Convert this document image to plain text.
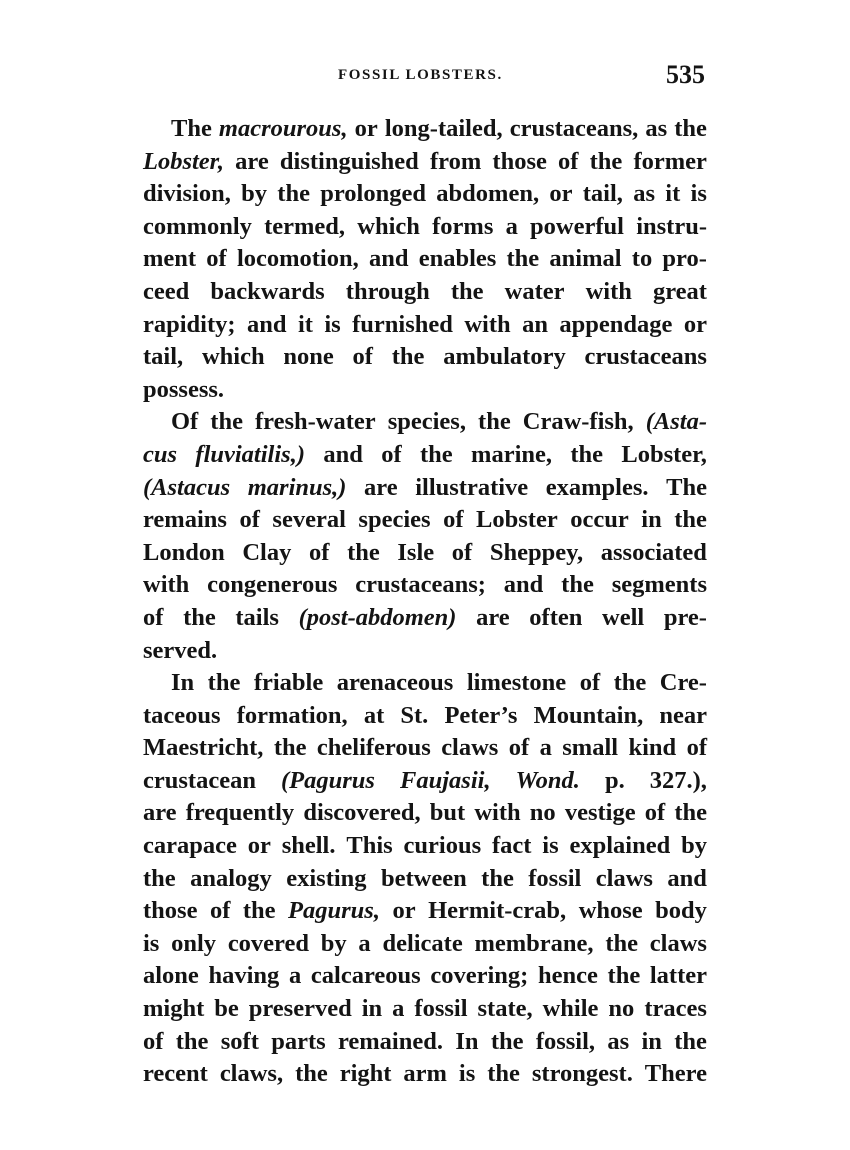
FOSSIL LOBSTERS.	535
The macrourous, or long-tailed, crustaceans, as the
Lobster, are distinguished from those of the former
division, by the prolonged abdomen, or tail, as it is
commonly termed, which forms a powerful instru-
ment of locomotion, and enables the animal to pro-
ceed backwards through the water with great
rapidity; and it is furnished with an appendage or
tail, which none of the ambulatory crustaceans
possess.
Of the fresh-water species, the Craw-fish, (Asta-
cus fluviatilis,) and of the marine, the Lobster,
(Astacus marinus,) are illustrative examples. The
remains of several species of Lobster occur in the
London Clay of the Isle of Sheppey, associated
with congenerous crustaceans; and the segments
of the tails (post-abdomen) are often well pre-
served.
In the friable arenaceous limestone of the Cre-
taceous formation, at St. Peter’s Mountain, near
Maestricht, the cheliferous claws of a small kind of
crustacean (Pagurus Faujasii, Wond. p. 327.),
are frequently discovered, but with no vestige of the
carapace or shell. This curious fact is explained by
the analogy existing between the fossil claws and
those of the Pagurus, or Hermit-crab, whose body
is only covered by a delicate membrane, the claws
alone having a calcareous covering; hence the latter
might be preserved in a fossil state, while no traces
of the soft parts remained. In the fossil, as in the
recent claws, the right arm is the strongest. There
